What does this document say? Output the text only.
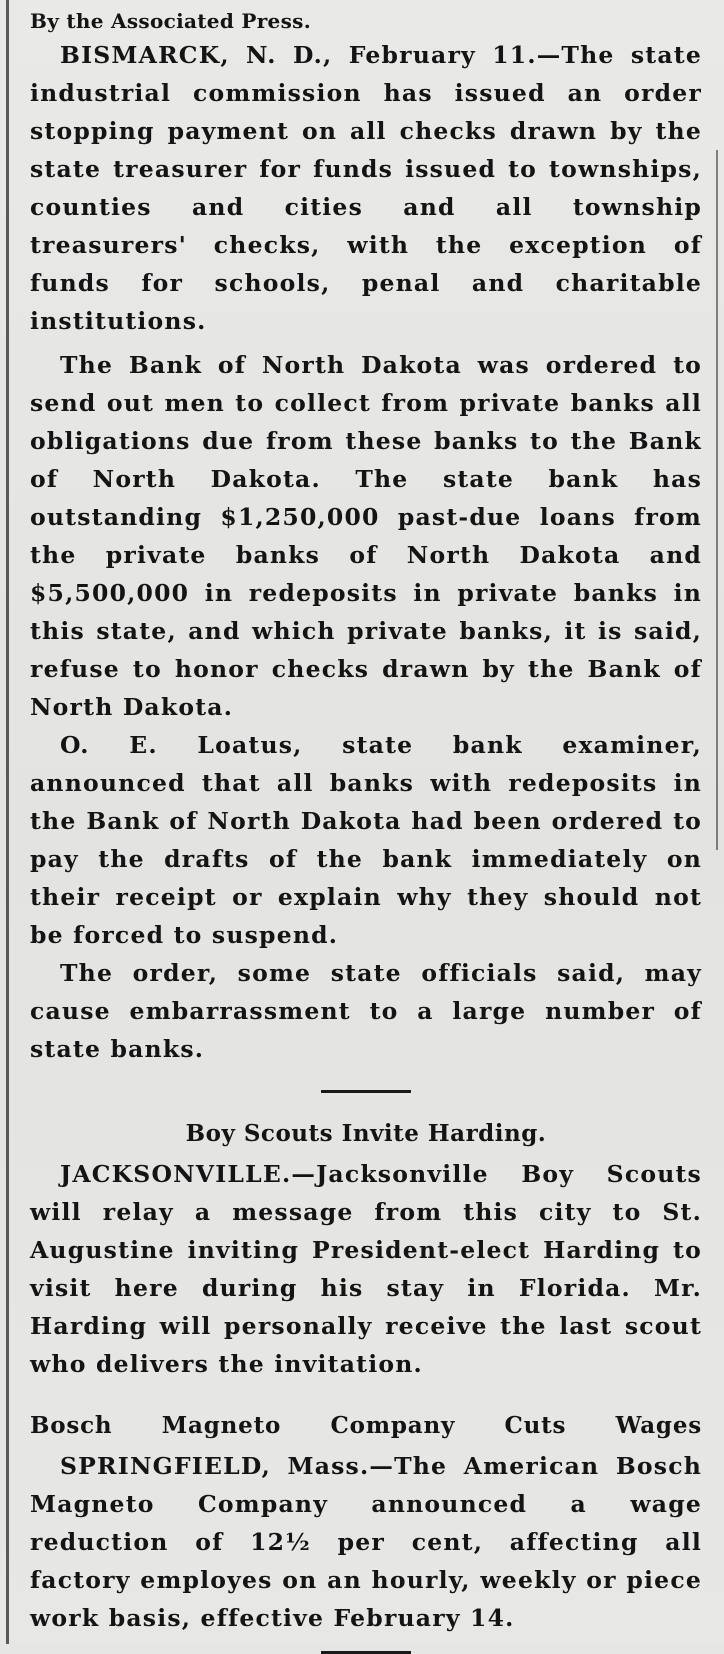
By the Associated Press.

BISMARCK, N. D., February 11.—The state industrial commission has issued an order stopping payment on all checks drawn by the state treasurer for funds issued to townships, counties and cities and all township treasurers' checks, with the exception of funds for schools, penal and charitable institutions.

The Bank of North Dakota was ordered to send out men to collect from private banks all obligations due from these banks to the Bank of North Dakota. The state bank has outstanding $1,250,000 past-due loans from the private banks of North Dakota and $5,500,000 in redeposits in private banks in this state, and which private banks, it is said, refuse to honor checks drawn by the Bank of North Dakota.

O. E. Loatus, state bank examiner, announced that all banks with redeposits in the Bank of North Dakota had been ordered to pay the drafts of the bank immediately on their receipt or explain why they should not be forced to suspend.

The order, some state officials said, may cause embarrassment to a large number of state banks.

Boy Scouts Invite Harding.

JACKSONVILLE.—Jacksonville Boy Scouts will relay a message from this city to St. Augustine inviting President-elect Harding to visit here during his stay in Florida. Mr. Harding will personally receive the last scout who delivers the invitation.

Bosch Magneto Company Cuts Wages

SPRINGFIELD, Mass.—The American Bosch Magneto Company announced a wage reduction of 12½ per cent, affecting all factory employes on an hourly, weekly or piece work basis, effective February 14.
